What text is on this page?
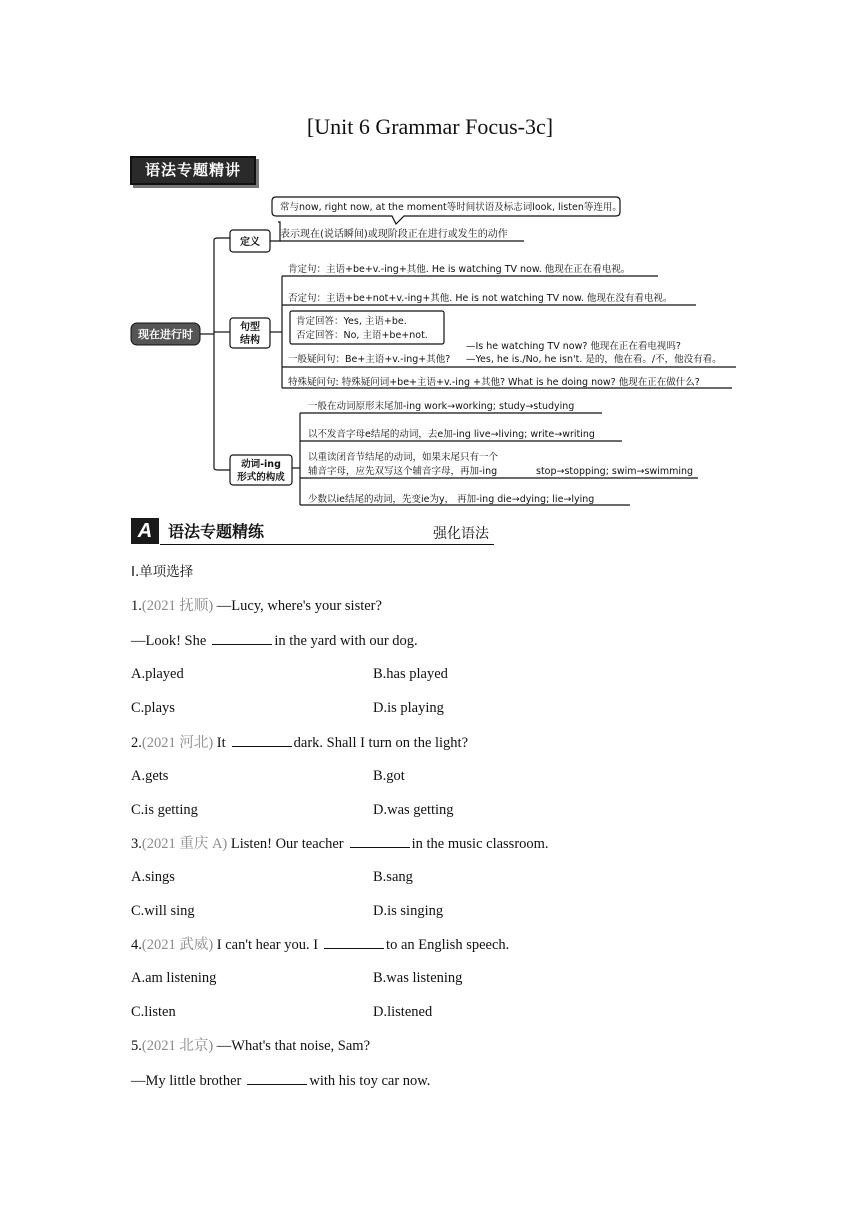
[Unit 6 Grammar Focus-3c]
语法专题精讲
现在进行时
定义
常与now, right now, at the moment等时间状语及标志词look, listen等连用。
表示现在(说话瞬间)或现阶段正在进行或发生的动作
句型
结构
肯定句：主语+be+v.-ing+其他. He is watching TV now. 他现在正在看电视。
否定句：主语+be+not+v.-ing+其他. He is not watching TV now. 他现在没有看电视。
肯定回答：Yes, 主语+be.
否定回答：No, 主语+be+not.
一般疑问句：Be+主语+v.-ing+其他?
—Is he watching TV now? 他现在正在看电视吗?
—Yes, he is./No, he isn't. 是的，他在看。/不，他没有看。
特殊疑问句: 特殊疑问词+be+主语+v.-ing +其他? What is he doing now? 他现在正在做什么?
动词-ing
形式的构成
一般在动词原形末尾加-ing work→working; study→studying
以不发音字母e结尾的动词，去e加-ing live→living; write→writing
以重读闭音节结尾的动词，如果末尾只有一个
辅音字母，应先双写这个辅音字母，再加-ing	stop→stopping; swim→swimming
少数以ie结尾的动词，先变ie为y， 再加-ing die→dying; lie→lying
A 语法专题精练	强化语法
Ⅰ.单项选择
1.(2021 抚顺) —Lucy, where's your sister?
—Look! She	in the yard with our dog.
A.played	B.has played
C.plays	D.is playing
2.(2021 河北) It	dark. Shall I turn on the light?
A.gets	B.got
C.is getting	D.was getting
3.(2021 重庆 A) Listen! Our teacher	in the music classroom.
A.sings	B.sang
C.will sing	D.is singing
4.(2021 武威) I can't hear you. I	to an English speech.
A.am listening	B.was listening
C.listen	D.listened
5.(2021 北京) —What's that noise, Sam?
—My little brother	with his toy car now.
